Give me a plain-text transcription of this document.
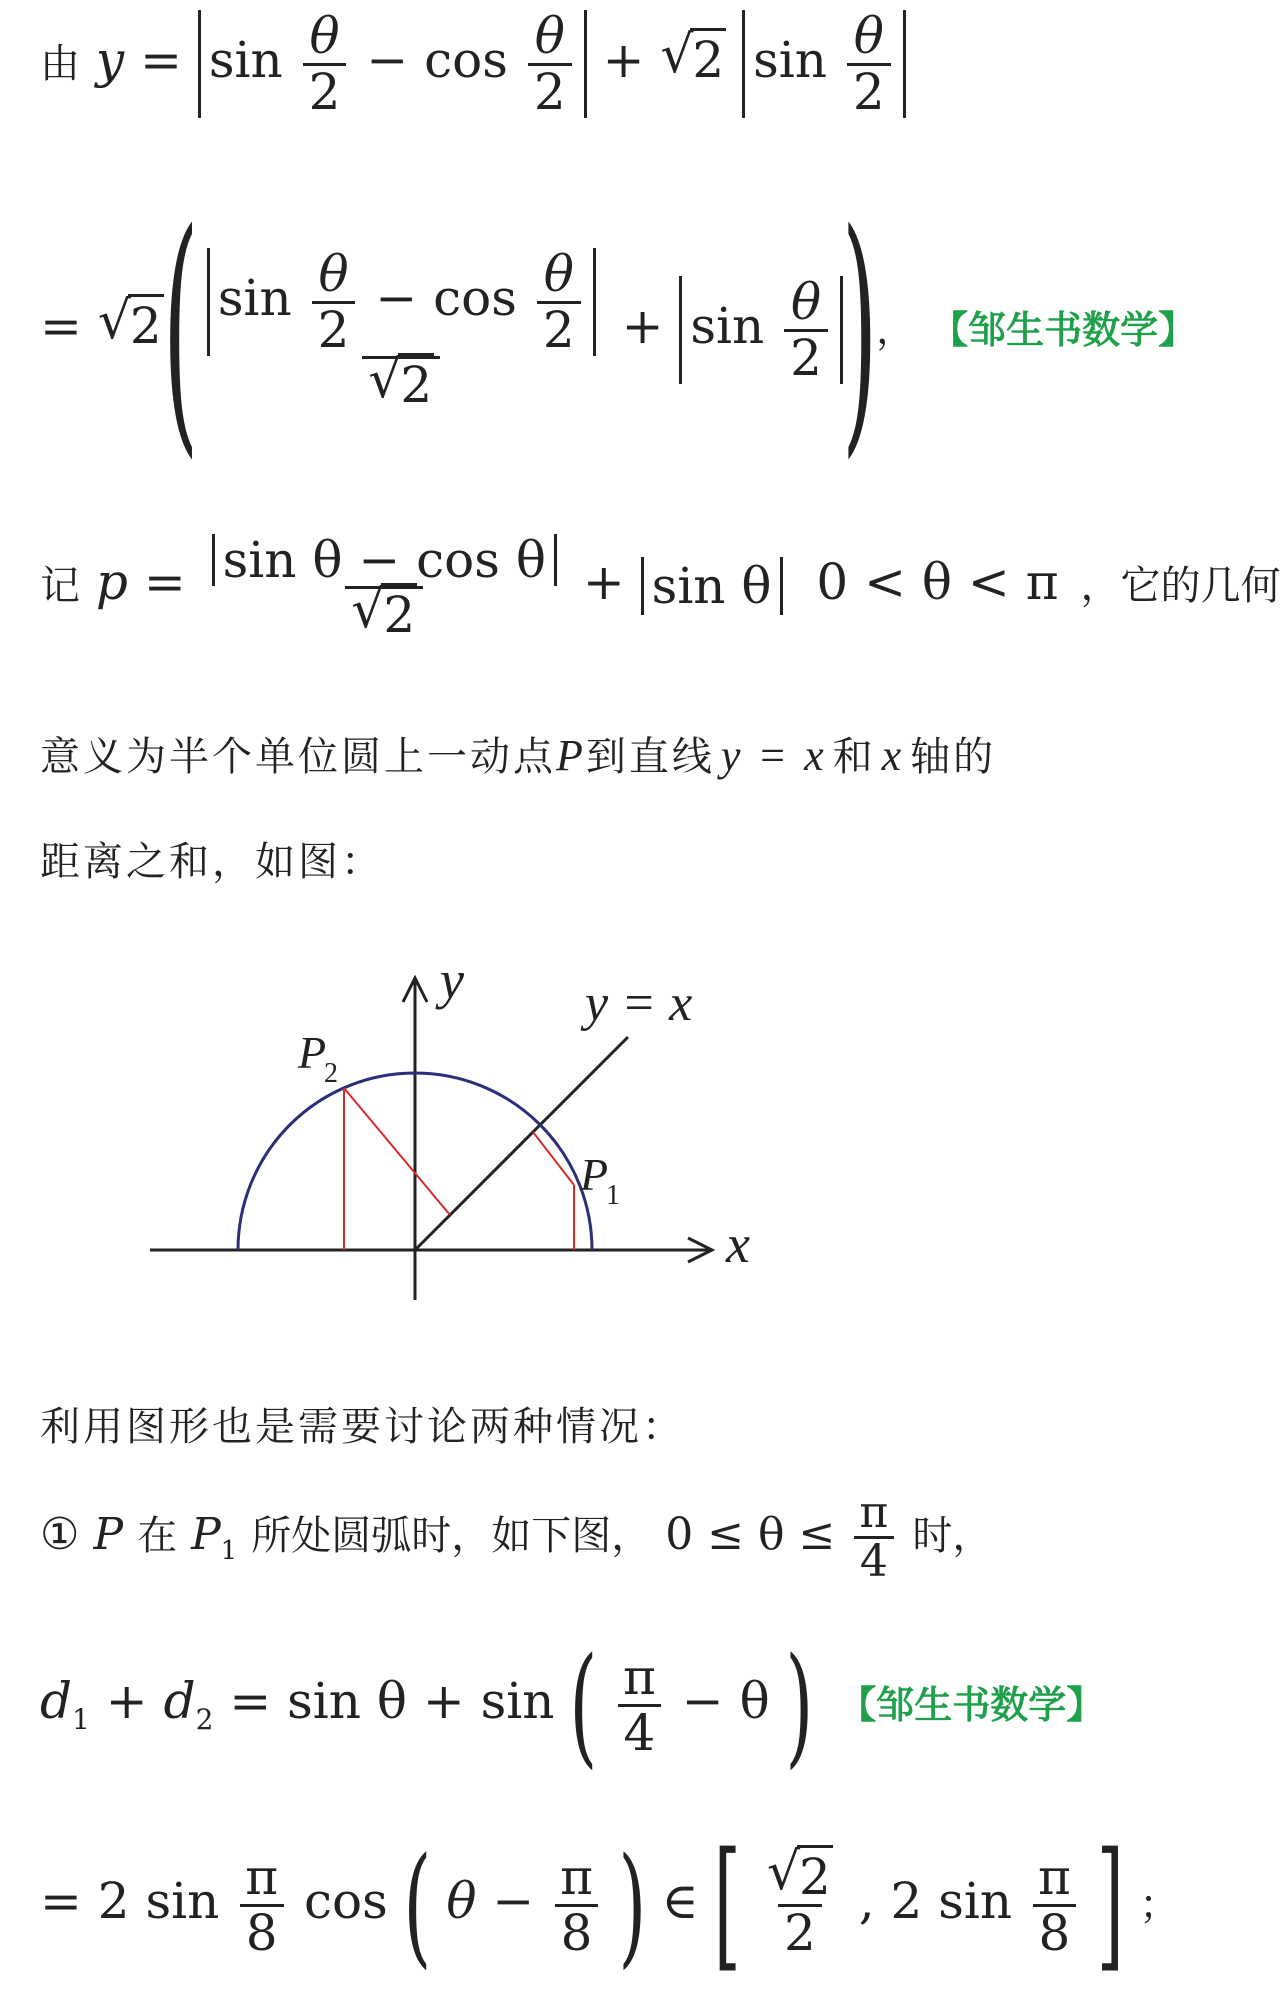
由 $y = \sin \frac{\theta}{2} - \cos \frac{\theta}{2}$ + √ 2 $\sin \frac{\theta}{2}$
= √ 2 ( $\sin \frac{\theta}{2} - \cos \frac{\theta}{2}$
√ $2 + \sin \frac{\theta}{2}$ ) ， 【邹生书数学】
记 p = sin θ − cos θ
√ 2 + sin θ 0 < θ < π ，它的几何
意义为半个单位圆上一动点P到直线 y = x 和 x 轴的
距离之和，如图：
y
x
y = x
P
2
P
1
利用图形也是需要讨论两种情况：
① P 在 $P_1$ 所处圆弧时，如下图， $0 \le \theta \le \frac{\pi}{4}$ 时，
$d_1 + d_2 = \sin \theta + \sin$ ( $\frac{\pi}{4} - \theta$ ) 【邹生书数学】
= 2 $\sin \frac{\pi}{8}$ cos ( $\theta - \frac{\pi}{8}$ ) ∈ [ √ $\frac{2}{2}$ , 2 $\sin \frac{\pi}{8}$ ] ；
